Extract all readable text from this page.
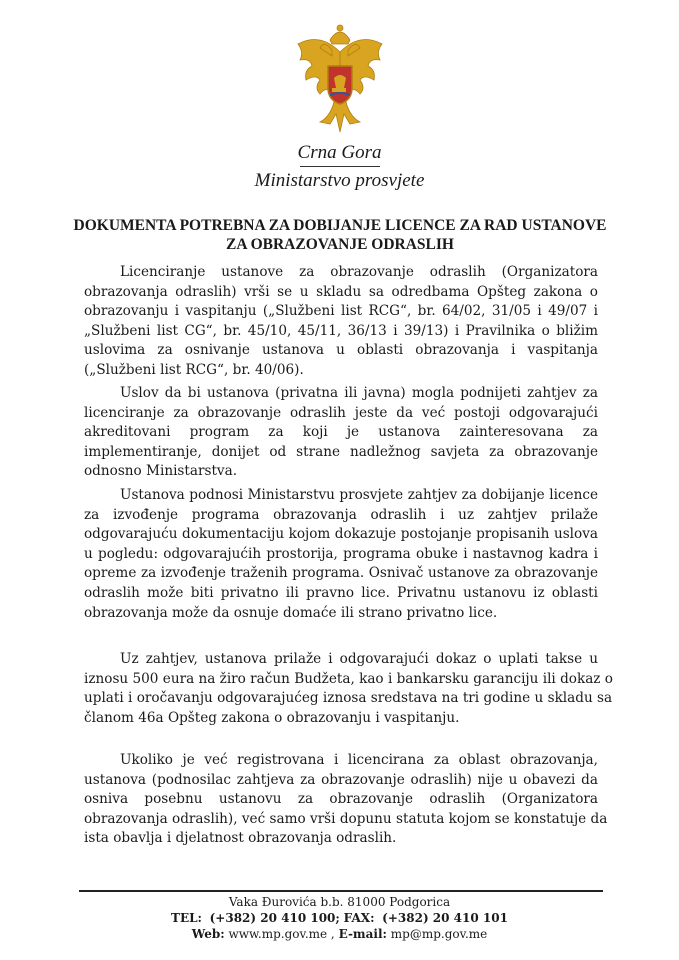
Crna Gora
Ministarstvo prosvjete
DOKUMENTA POTREBNA ZA DOBIJANJE LICENCE ZA RAD USTANOVE
ZA OBRAZOVANJE ODRASLIH
Licenciranje ustanove za obrazovanje odraslih (Organizatora
obrazovanja odraslih) vrši se u skladu sa odredbama Opšteg zakona o
obrazovanju i vaspitanju („Službeni list RCG“, br. 64/02, 31/05 i 49/07 i
„Službeni list CG“, br. 45/10, 45/11, 36/13 i 39/13) i Pravilnika o bližim
uslovima za osnivanje ustanova u oblasti obrazovanja i vaspitanja
(„Službeni list RCG“, br. 40/06).
Uslov da bi ustanova (privatna ili javna) mogla podnijeti zahtjev za
licenciranje za obrazovanje odraslih jeste da već postoji odgovarajući
akreditovani program za koji je ustanova zainteresovana za
implementiranje, donijet od strane nadležnog savjeta za obrazovanje
odnosno Ministarstva.
Ustanova podnosi Ministarstvu prosvjete zahtjev za dobijanje licence
za izvođenje programa obrazovanja odraslih i uz zahtjev prilaže
odgovarajuću dokumentaciju kojom dokazuje postojanje propisanih uslova
u pogledu: odgovarajućih prostorija, programa obuke i nastavnog kadra i
opreme za izvođenje traženih programa. Osnivač ustanove za obrazovanje
odraslih može biti privatno ili pravno lice. Privatnu ustanovu iz oblasti
obrazovanja može da osnuje domaće ili strano privatno lice.
Uz zahtjev, ustanova prilaže i odgovarajući dokaz o uplati takse u
iznosu 500 eura na žiro račun Budžeta, kao i bankarsku garanciju ili dokaz o
uplati i oročavanju odgovarajućeg iznosa sredstava na tri godine u skladu sa
članom 46a Opšteg zakona o obrazovanju i vaspitanju.
Ukoliko je već registrovana i licencirana za oblast obrazovanja,
ustanova (podnosilac zahtjeva za obrazovanje odraslih) nije u obavezi da
osniva posebnu ustanovu za obrazovanje odraslih (Organizatora
obrazovanja odraslih), već samo vrši dopunu statuta kojom se konstatuje da
ista obavlja i djelatnost obrazovanja odraslih.
Vaka Đurovića b.b. 81000 Podgorica
TEL: (+382) 20 410 100; FAX: (+382) 20 410 101
Web: www.mp.gov.me , E-mail: mp@mp.gov.me
